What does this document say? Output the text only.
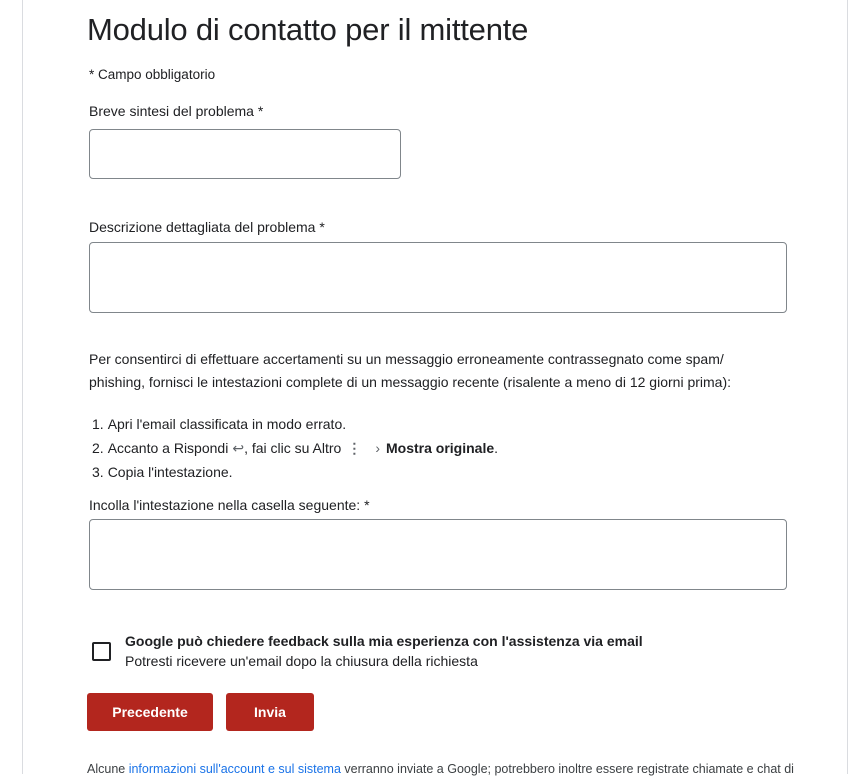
Modulo di contatto per il mittente
* Campo obbligatorio
Breve sintesi del problema *
Descrizione dettagliata del problema *
Per consentirci di effettuare accertamenti su un messaggio erroneamente contrassegnato come spam/
phishing, fornisci le intestazioni complete di un messaggio recente (risalente a meno di 12 giorni prima):
1. Apri l'email classificata in modo errato.
2. Accanto a Rispondi ↩ , fai clic su Altro ⋮ › Mostra originale .
3. Copia l'intestazione.
Incolla l'intestazione nella casella seguente: *
Google può chiedere feedback sulla mia esperienza con l'assistenza via email
Potresti ricevere un'email dopo la chiusura della richiesta
Precedente	Invia
Alcune informazioni sull'account e sul sistema verranno inviate a Google; potrebbero inoltre essere registrate chiamate e chat di
